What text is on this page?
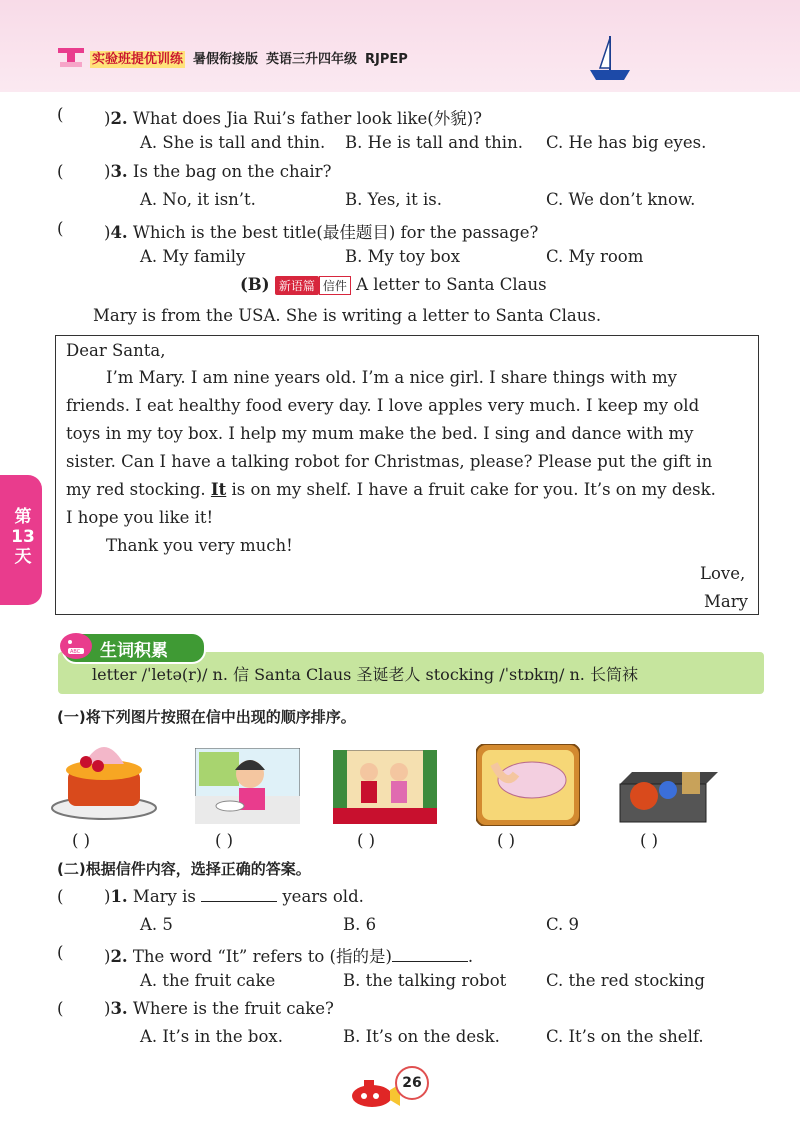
实验班提优训练 暑假衔接版 英语三升四年级 RJPEP
( )2. What does Jia Rui’s father look like(外貌)?
A. She is tall and thin. B. He is tall and thin. C. He has big eyes.
( )3. Is the bag on the chair?
A. No, it isn’t.	B. Yes, it is.	C. We don’t know.
( )4. Which is the best title(最佳题目) for the passage?
A. My family	B. My toy box	C. My room
(B) 新语篇 信件 A letter to Santa Claus
Mary is from the USA. She is writing a letter to Santa Claus.
Dear Santa,
I’m Mary. I am nine years old. I’m a nice girl. I share things with my
friends. I eat healthy food every day. I love apples very much. I keep my old
toys in my toy box. I help my mum make the bed. I sing and dance with my
sister. Can I have a talking robot for Christmas, please? Please put the gift in
my red stocking. It is on my shelf. I have a fruit cake for you. It’s on my desk.
I hope you like it!
Thank you very much!
Love,
Mary
第
13
天
ABC 生词积累
letter /ˈletə(r)/ n. 信 Santa Claus 圣诞老人 stocking /ˈstɒkɪŋ/ n. 长筒袜
(一)将下列图片按照在信中出现的顺序排序。
( )	( )	( )	( )	( )
(二)根据信件内容，选择正确的答案。
( )1. Mary is	years old.
A. 5	B. 6	C. 9
( )2. The word “It” refers to (指的是)	.
A. the fruit cake	B. the talking robot C. the red stocking
( )3. Where is the fruit cake?
A. It’s in the box.	B. It’s on the desk.	C. It’s on the shelf.
26
